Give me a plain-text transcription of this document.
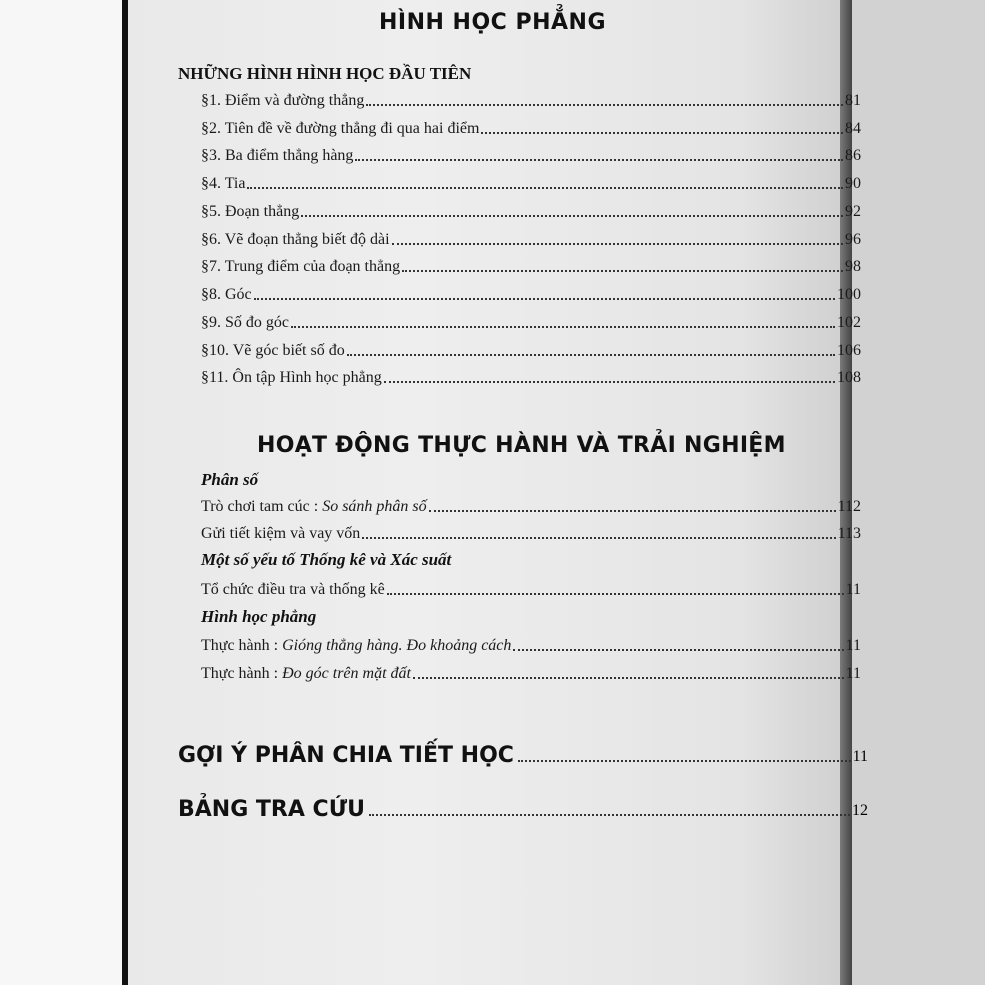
HÌNH HỌC PHẲNG
NHỮNG HÌNH HÌNH HỌC ĐẦU TIÊN
§1. Điểm và đường thẳng	81
§2. Tiên đề về đường thẳng đi qua hai điểm	84
§3. Ba điểm thẳng hàng	86
§4. Tia	90
§5. Đoạn thẳng	92
§6. Vẽ đoạn thẳng biết độ dài	96
§7. Trung điểm của đoạn thẳng	98
§8. Góc	100
§9. Số đo góc	102
§10. Vẽ góc biết số đo	106
§11. Ôn tập Hình học phẳng	108
HOẠT ĐỘNG THỰC HÀNH VÀ TRẢI NGHIỆM
Phân số
Trò chơi tam cúc : So sánh phân số	112
Gửi tiết kiệm và vay vốn	113
Một số yếu tố Thống kê và Xác suất
Tổ chức điều tra và thống kê	11
Hình học phẳng
Thực hành : Gióng thẳng hàng. Đo khoảng cách	11
Thực hành : Đo góc trên mặt đất	11
GỢI Ý PHÂN CHIA TIẾT HỌC	11
BẢNG TRA CỨU	12
